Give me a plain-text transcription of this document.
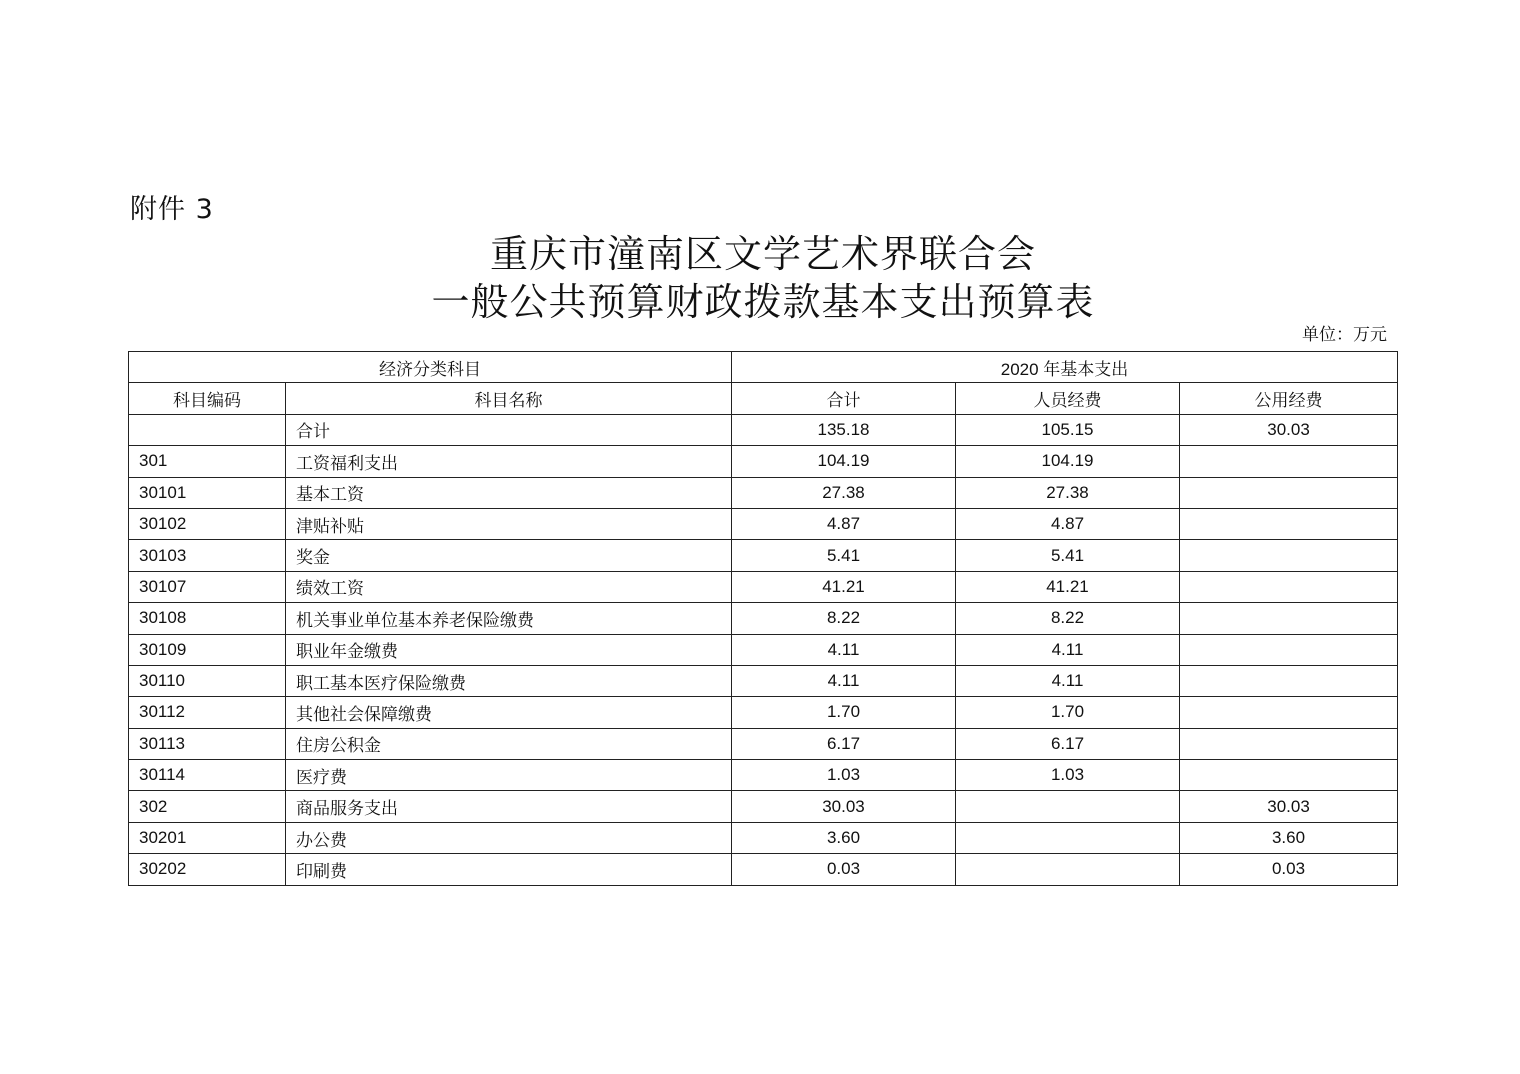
附件 3
重庆市潼南区文学艺术界联合会
一般公共预算财政拨款基本支出预算表
单位：万元
经济分类科目		2020 年基本支出		
科目编码	科目名称	合计	人员经费	公用经费
	合计	135.18	105.15	30.03
301	工资福利支出	104.19	104.19	
30101	基本工资	27.38	27.38	
30102	津贴补贴	4.87	4.87	
30103	奖金	5.41	5.41	
30107	绩效工资	41.21	41.21	
30108	机关事业单位基本养老保险缴费	8.22	8.22	
30109	职业年金缴费	4.11	4.11	
30110	职工基本医疗保险缴费	4.11	4.11	
30112	其他社会保障缴费	1.70	1.70	
30113	住房公积金	6.17	6.17	
30114	医疗费	1.03	1.03	
302	商品服务支出	30.03		30.03
30201	办公费	3.60		3.60
30202	印刷费	0.03		0.03
